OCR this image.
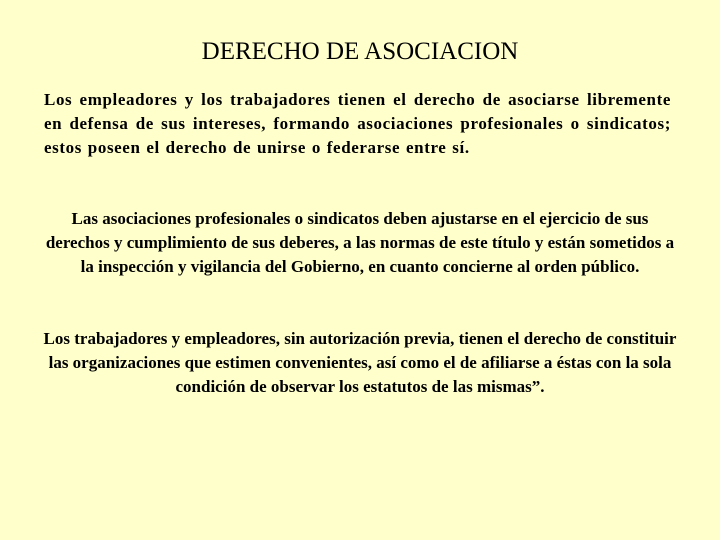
DERECHO DE ASOCIACION

Los empleadores y los trabajadores tienen el derecho de asociarse libremente en defensa de sus intereses, formando asociaciones profesionales o sindicatos; estos poseen el derecho de unirse o federarse entre sí.

Las asociaciones profesionales o sindicatos deben ajustarse en el ejercicio de sus derechos y cumplimiento de sus deberes, a las normas de este título y están sometidos a la inspección y vigilancia del Gobierno, en cuanto concierne al orden público.

Los trabajadores y empleadores, sin autorización previa, tienen el derecho de constituir las organizaciones que estimen convenientes, así como el de afiliarse a éstas con la sola condición de observar los estatutos de las mismas”.
